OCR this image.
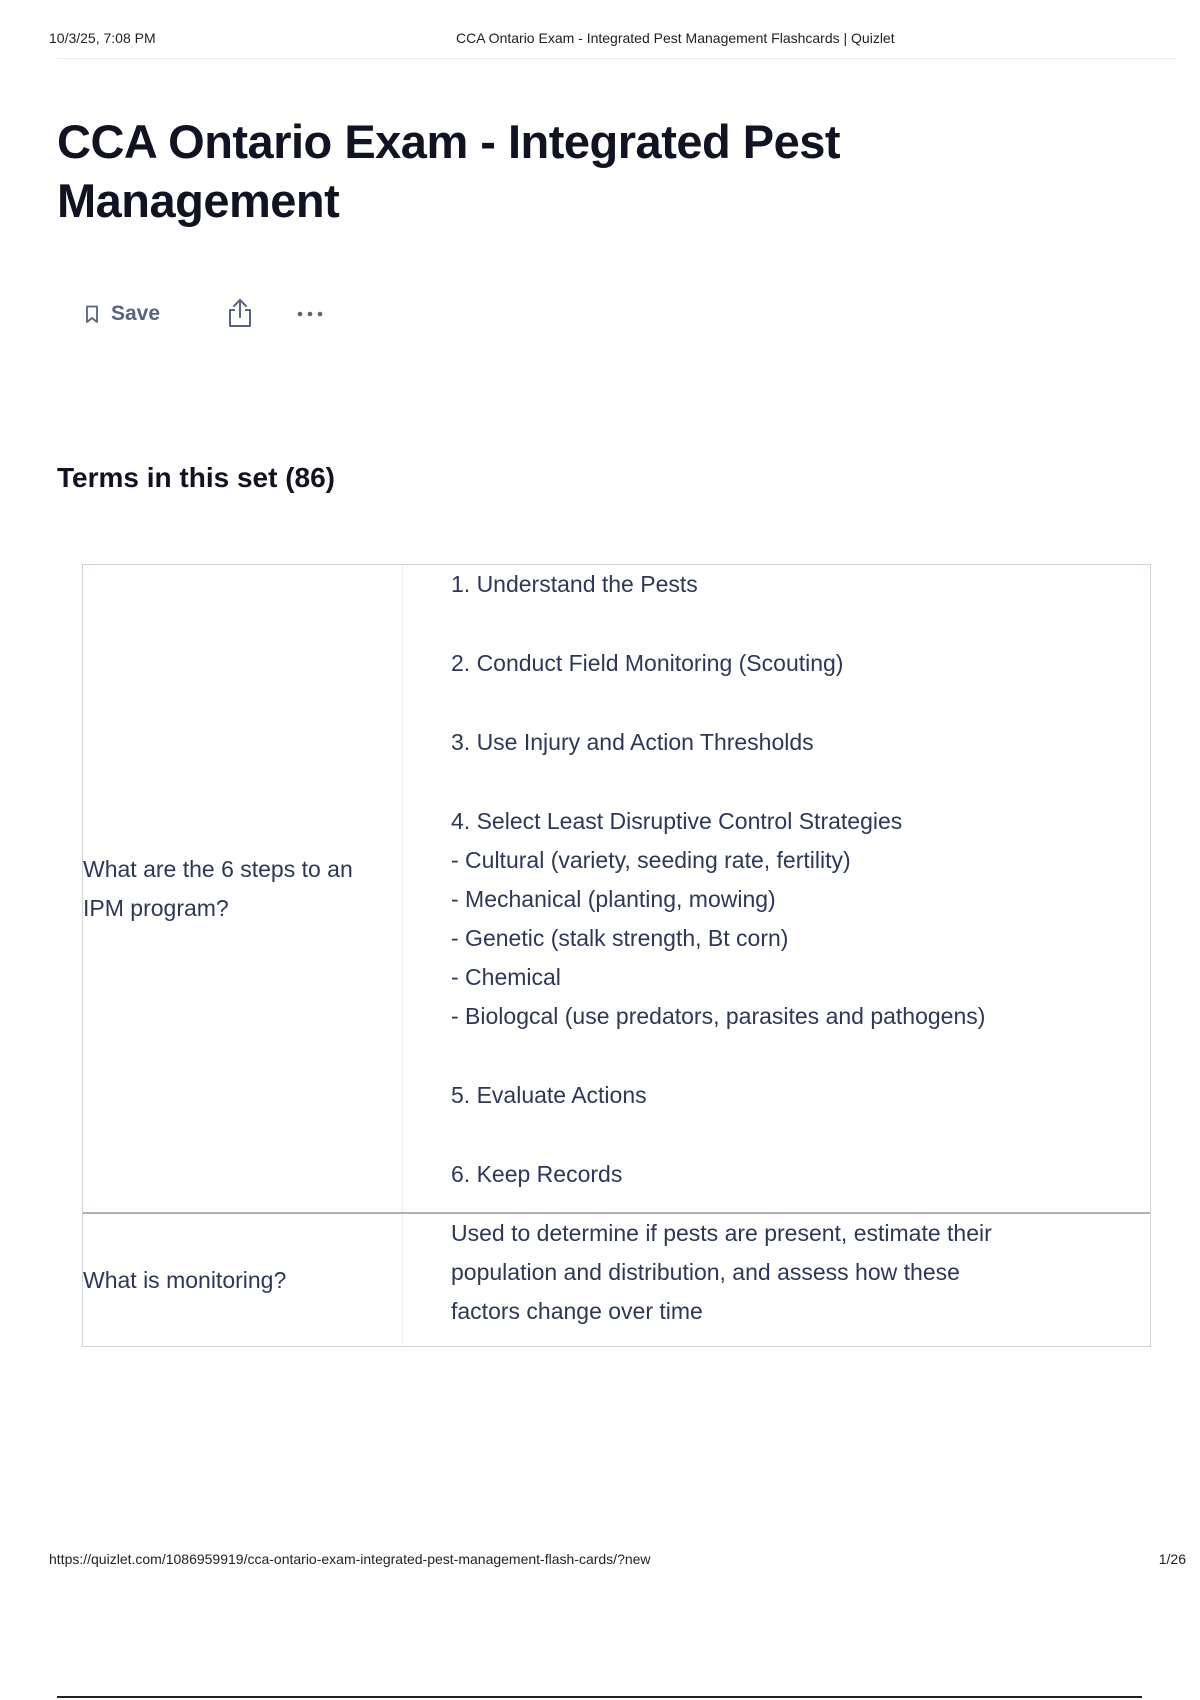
10/3/25, 7:08 PM	CCA Ontario Exam - Integrated Pest Management Flashcards | Quizlet
CCA Ontario Exam - Integrated Pest Management
Save
Terms in this set (86)
What are the 6 steps to an IPM program?
1. Understand the Pests
2. Conduct Field Monitoring (Scouting)
3. Use Injury and Action Thresholds
4. Select Least Disruptive Control Strategies
- Cultural (variety, seeding rate, fertility)
- Mechanical (planting, mowing)
- Genetic (stalk strength, Bt corn)
- Chemical
- Biologcal (use predators, parasites and pathogens)
5. Evaluate Actions
6. Keep Records
What is monitoring?
Used to determine if pests are present, estimate their
population and distribution, and assess how these
factors change over time
https://quizlet.com/1086959919/cca-ontario-exam-integrated-pest-management-flash-cards/?new	1/26
